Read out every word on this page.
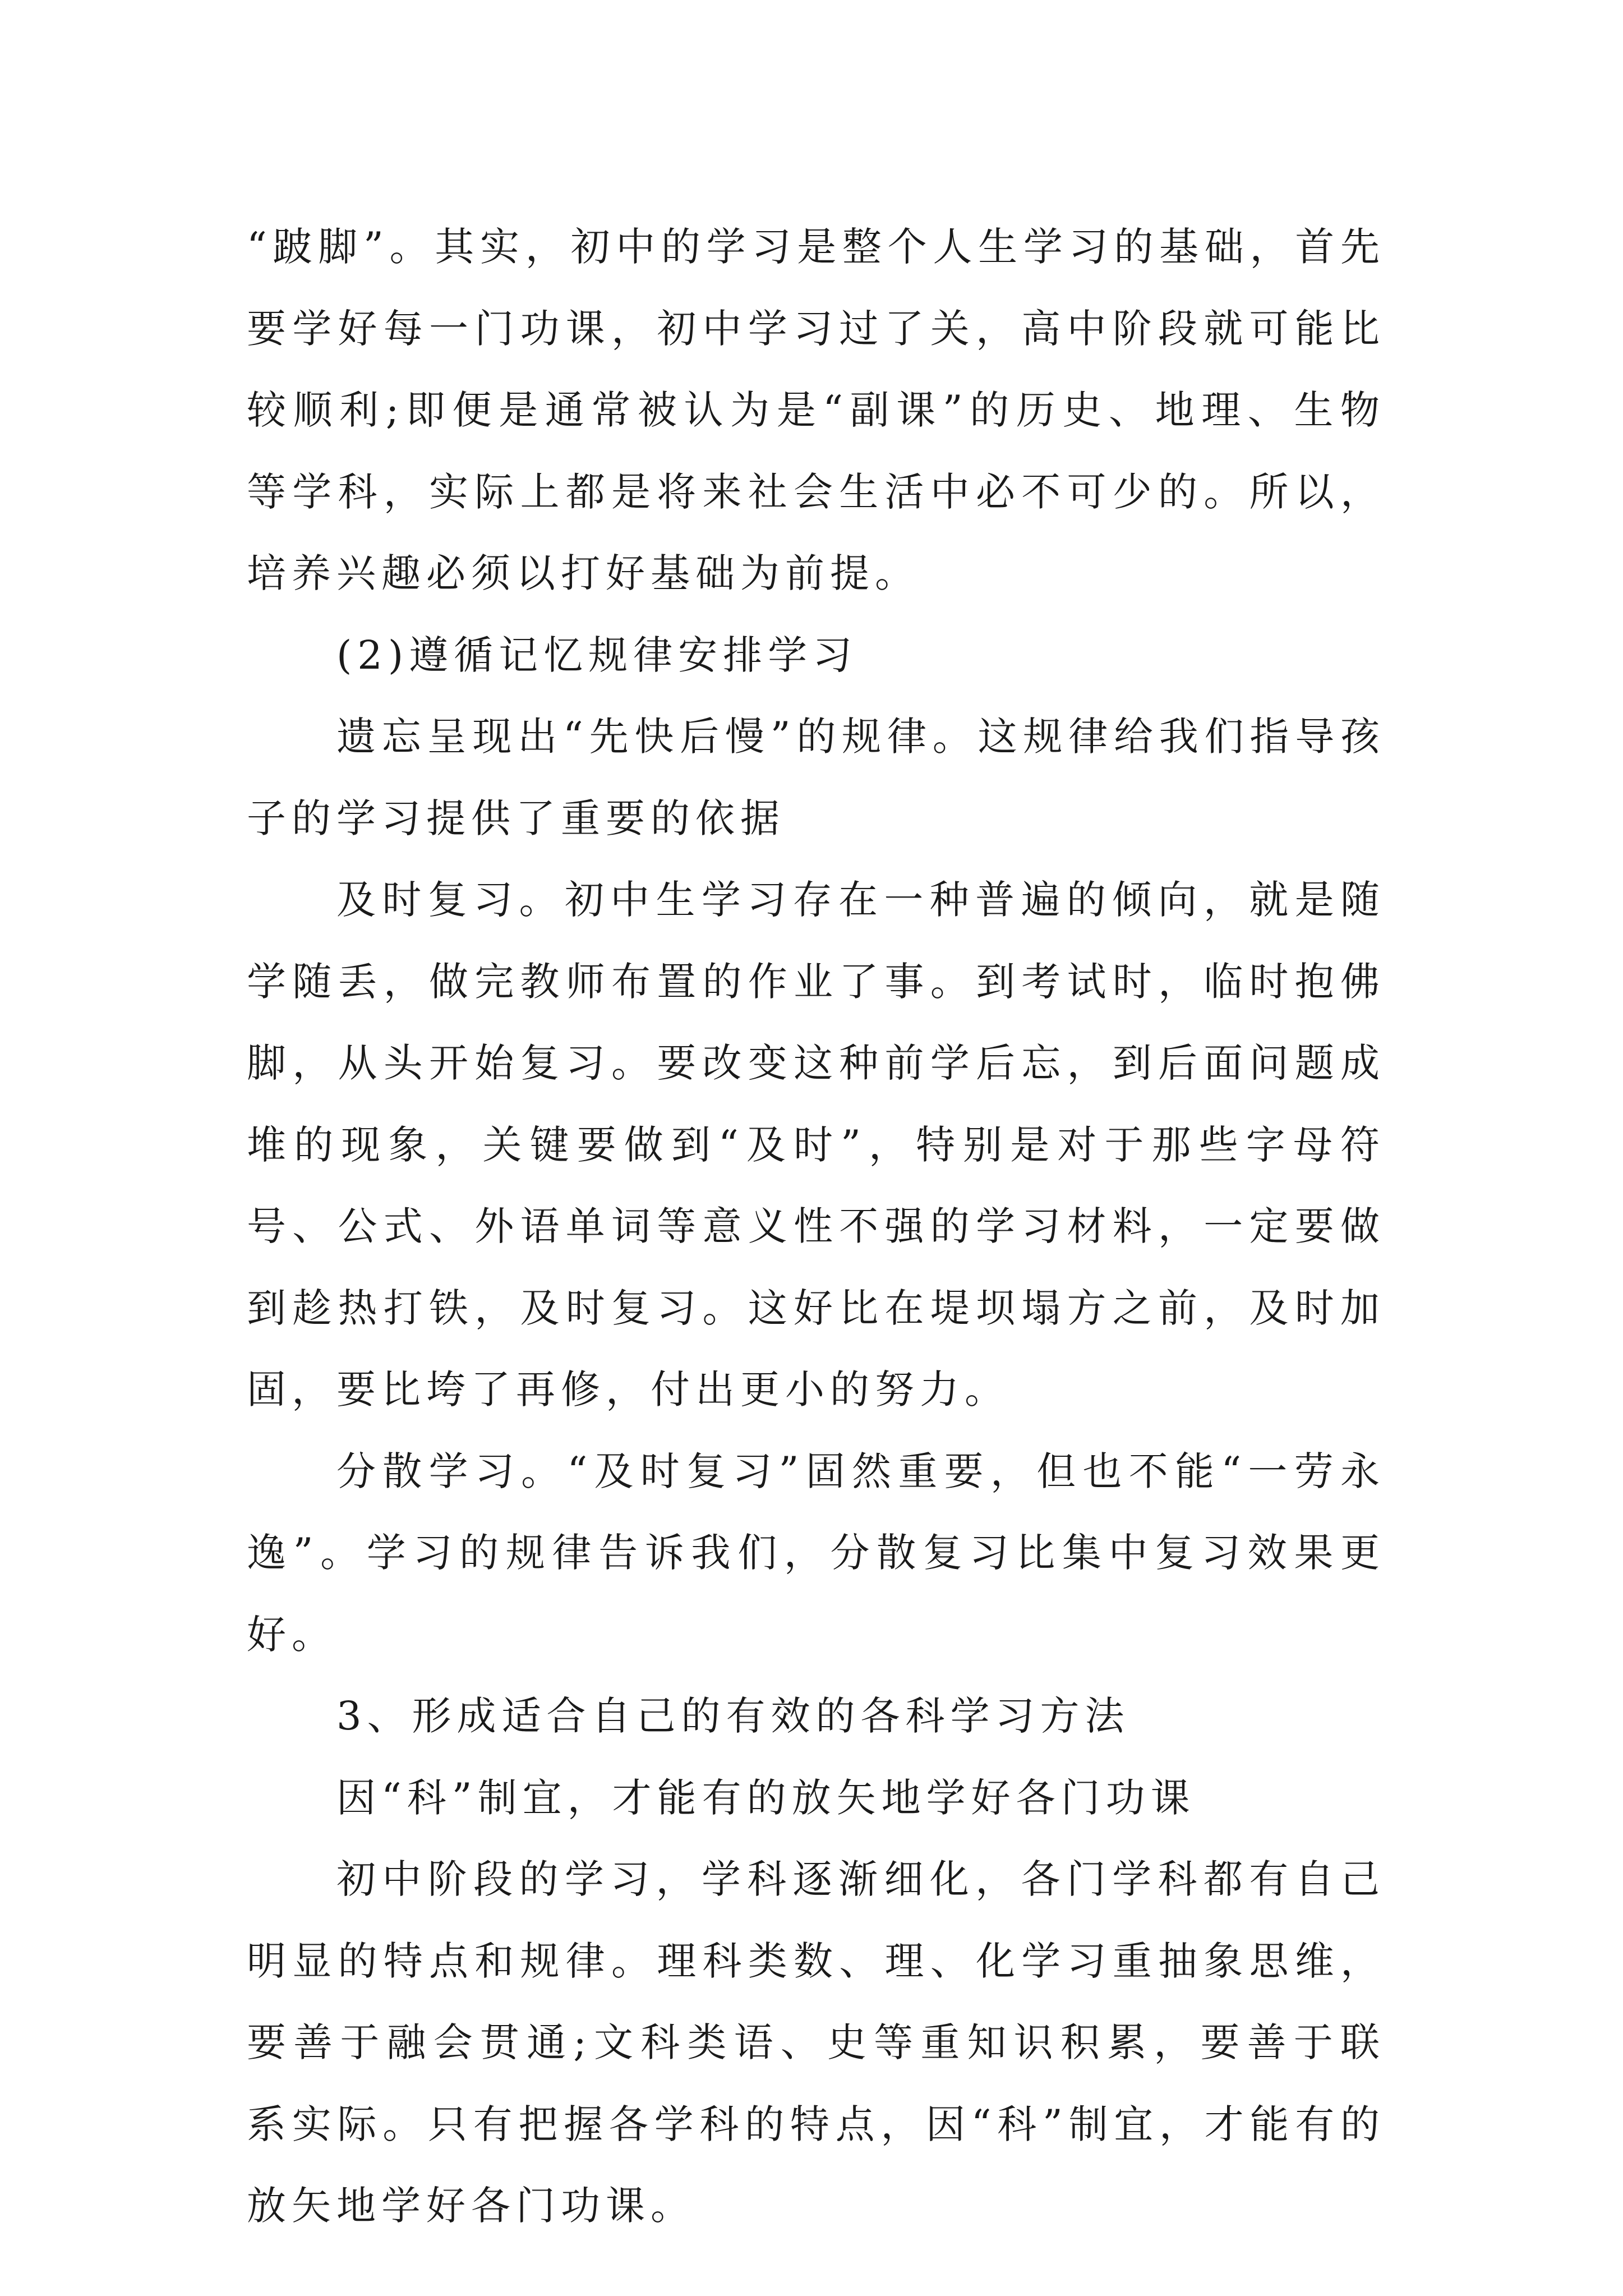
“跛脚”。其实，初中的学习是整个人生学习的基础，首先要学好每一门功课，初中学习过了关，高中阶段就可能比较顺利;即便是通常被认为是“副课”的历史、地理、生物等学科，实际上都是将来社会生活中必不可少的。所以，培养兴趣必须以打好基础为前提。

(2)遵循记忆规律安排学习

遗忘呈现出“先快后慢”的规律。这规律给我们指导孩子的学习提供了重要的依据

及时复习。初中生学习存在一种普遍的倾向，就是随学随丢，做完教师布置的作业了事。到考试时，临时抱佛脚，从头开始复习。要改变这种前学后忘，到后面问题成堆的现象，关键要做到“及时”，特别是对于那些字母符号、公式、外语单词等意义性不强的学习材料，一定要做到趁热打铁，及时复习。这好比在堤坝塌方之前，及时加固，要比垮了再修，付出更小的努力。

分散学习。“及时复习”固然重要，但也不能“一劳永逸”。学习的规律告诉我们，分散复习比集中复习效果更好。

3、形成适合自己的有效的各科学习方法

因“科”制宜，才能有的放矢地学好各门功课

初中阶段的学习，学科逐渐细化，各门学科都有自己明显的特点和规律。理科类数、理、化学习重抽象思维，要善于融会贯通;文科类语、史等重知识积累，要善于联系实际。只有把握各学科的特点，因“科”制宜，才能有的放矢地学好各门功课。
